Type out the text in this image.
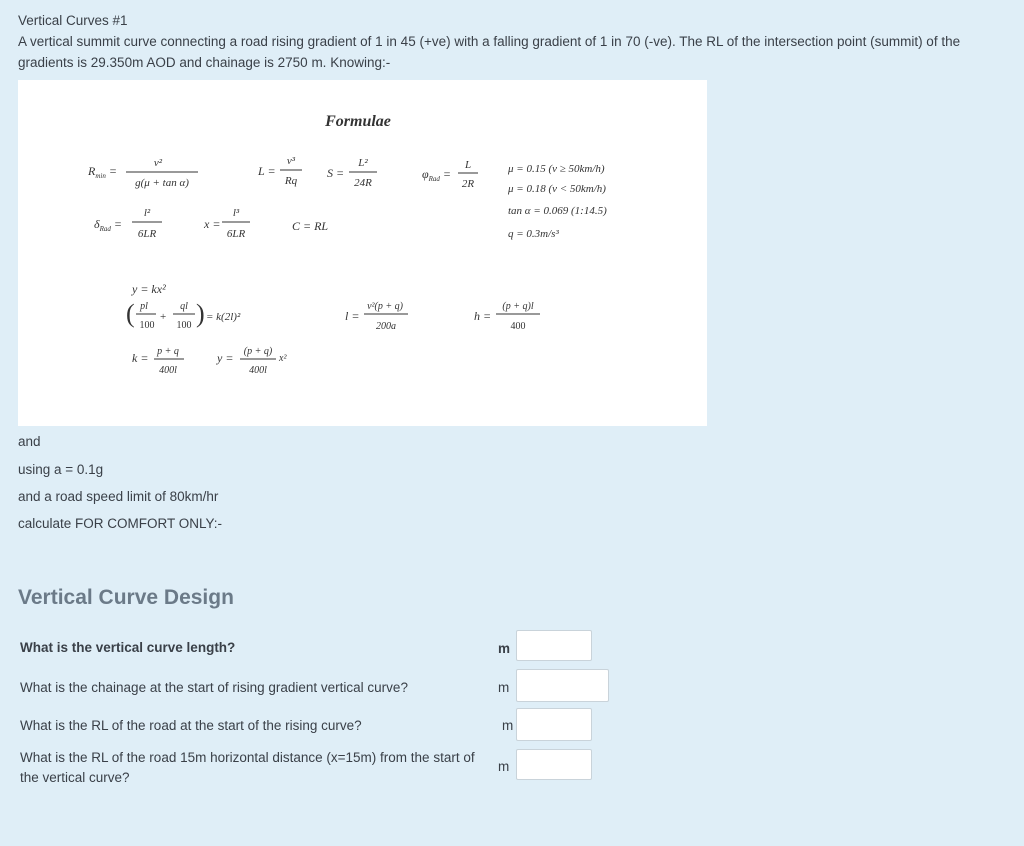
Vertical Curves #1

A vertical summit curve connecting a road rising gradient of 1 in 45 (+ve) with a falling gradient of 1 in 70 (-ve). The RL of the intersection point (summit) of the gradients is 29.350m AOD and chainage is 2750 m. Knowing:-

Formulae
$R_{min}$ =
v²
g(μ + tan α)
L =
v³
Rq
S =
L²
24R
$\varphi_{Rad}$ =
L
2R
μ = 0.15 (v ≥ 50km/h)
μ = 0.18 (v < 50km/h)
tan α = 0.069 (1:14.5)
q = 0.3m/s³
$\delta_{Rad}$ =
l²
6LR
x =
l³
6LR
C = RL
y = kx²
( pl
100
+
ql
100 ) = k(2l)²
k = p + q
400l
y = (p + q)
400l
x²
l =
v²(p + q)
200a
h =
(p + q)l
400
and
using a = 0.1g
and a road speed limit of 80km/hr
calculate FOR COMFORT ONLY:-
Vertical Curve Design
What is the vertical curve length?	m
What is the chainage at the start of rising gradient vertical curve?	m
What is the RL of the road at the start of the rising curve?	m
What is the RL of the road 15m horizontal distance (x=15m) from the start of the vertical curve?
m
